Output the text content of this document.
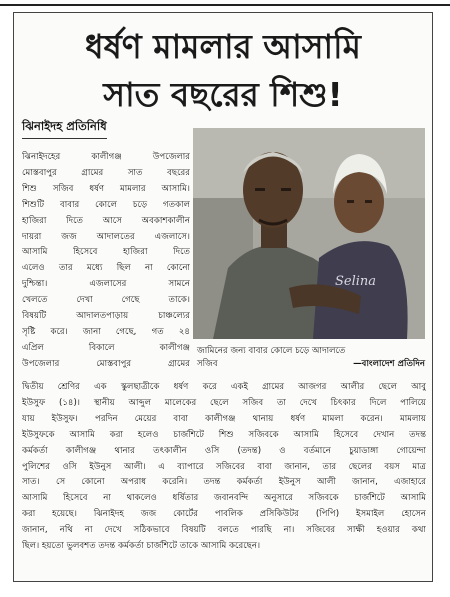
ধর্ষণ মামলার আসামি
সাত বছরের শিশু!
ঝিনাইদহ প্রতিনিধি
Selina
জামিনের জন্য বাবার কোলে চড়ে আদালতে
সজিব	—বাংলাদেশ প্রতিদিন
ঝিনাইদহের কালীগঞ্জ উপজেলার
মোস্তবাপুর গ্রামের সাত বছরের
শিশু সজিব ধর্ষণ মামলার আসামি।
শিশুটি বাবার কোলে চড়ে গতকাল
হাজিরা দিতে আসে অবকাশকালীন
দায়রা জজ আদালতের এজলাসে।
আসামি হিসেবে হাজিরা দিতে
এলেও তার মধ্যে ছিল না কোনো
দুশ্চিন্তা। এজলাসের সামনে
খেলতে দেখা গেছে তাকে।
বিষয়টি আদালতপাড়ায় চাঞ্চল্যের
সৃষ্টি করে। জানা গেছে, গত ২৪
এপ্রিল বিকালে কালীগঞ্জ
উপজেলার মোস্তবাপুর গ্রামের
দ্বিতীয় শ্রেণির এক স্কুলছাত্রীকে ধর্ষণ করে একই গ্রামের আজগর আলীর ছেলে আবু
ইউসুফ (১৪)। স্থানীয় আব্দুল মালেকের ছেলে সজিব তা দেখে চিৎকার দিলে পালিয়ে
যায় ইউসুফ। পরদিন মেয়ের বাবা কালীগঞ্জ থানায় ধর্ষণ মামলা করেন। মামলায়
ইউসুফকে আসামি করা হলেও চার্জশিটে শিশু সজিবকে আসামি হিসেবে দেখান তদন্ত
কর্মকর্তা কালীগঞ্জ থানার তৎকালীন ওসি (তদন্ত) ও বর্তমানে চুয়াডাঙ্গা গোয়েন্দা
পুলিশের ওসি ইউনুস আলী। এ ব্যাপারে সজিবের বাবা জানান, তার ছেলের বয়স মাত্র
সাত। সে কোনো অপরাধ করেনি। তদন্ত কর্মকর্তা ইউনুস আলী জানান, এজাহারে
আসামি হিসেবে না থাকলেও ধর্ষিতার জবানবন্দি অনুসারে সজিবকে চার্জশিটে আসামি
করা হয়েছে। ঝিনাইদহ জজ কোর্টের পাবলিক প্রসিকিউটর (পিপি) ইসমাইল হোসেন
জানান, নথি না দেখে সঠিকভাবে বিষয়টি বলতে পারছি না। সজিবের সাক্ষী হওয়ার কথা
ছিল। হয়তো ভুলবশত তদন্ত কর্মকর্তা চার্জশিটে তাকে আসামি করেছেন।
